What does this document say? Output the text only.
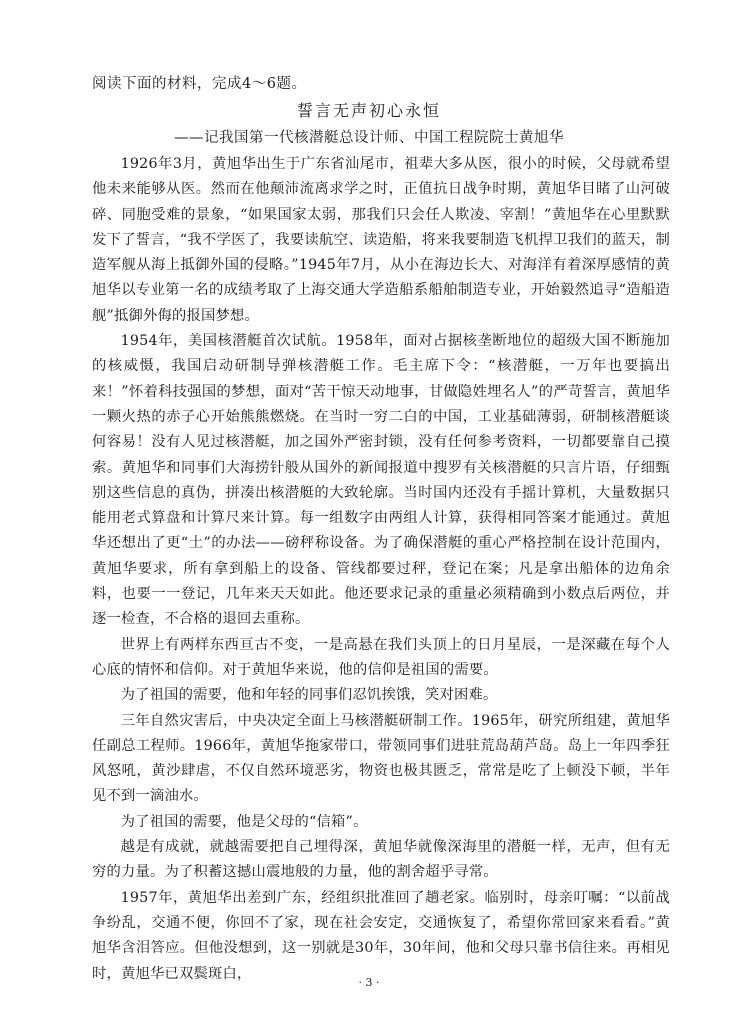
阅读下面的材料，完成4～6题。
誓言无声初心永恒
——记我国第一代核潜艇总设计师、中国工程院院士黄旭华

1926年3月，黄旭华出生于广东省汕尾市，祖辈大多从医，很小的时候，父母就希望他未来能够从医。然而在他颠沛流离求学之时，正值抗日战争时期，黄旭华目睹了山河破碎、同胞受难的景象，“如果国家太弱，那我们只会任人欺凌、宰割！”黄旭华在心里默默发下了誓言，“我不学医了，我要读航空、读造船，将来我要制造飞机捍卫我们的蓝天，制造军舰从海上抵御外国的侵略。”1945年7月，从小在海边长大、对海洋有着深厚感情的黄旭华以专业第一名的成绩考取了上海交通大学造船系船舶制造专业，开始毅然追寻“造船造舰”抵御外侮的报国梦想。

1954年，美国核潜艇首次试航。1958年，面对占据核垄断地位的超级大国不断施加的核威慑，我国启动研制导弹核潜艇工作。毛主席下令：“核潜艇，一万年也要搞出来！”怀着科技强国的梦想，面对“苦干惊天动地事，甘做隐姓埋名人”的严苛誓言，黄旭华一颗火热的赤子心开始熊熊燃烧。在当时一穷二白的中国，工业基础薄弱，研制核潜艇谈何容易！没有人见过核潜艇，加之国外严密封锁，没有任何参考资料，一切都要靠自己摸索。黄旭华和同事们大海捞针般从国外的新闻报道中搜罗有关核潜艇的只言片语，仔细甄别这些信息的真伪，拼凑出核潜艇的大致轮廓。当时国内还没有手摇计算机，大量数据只能用老式算盘和计算尺来计算。每一组数字由两组人计算，获得相同答案才能通过。黄旭华还想出了更“土”的办法——磅秤称设备。为了确保潜艇的重心严格控制在设计范围内，黄旭华要求，所有拿到船上的设备、管线都要过秤，登记在案；凡是拿出船体的边角余料，也要一一登记，几年来天天如此。他还要求记录的重量必须精确到小数点后两位，并逐一检查，不合格的退回去重称。

世界上有两样东西亘古不变，一是高悬在我们头顶上的日月星辰，一是深藏在每个人心底的情怀和信仰。对于黄旭华来说，他的信仰是祖国的需要。

为了祖国的需要，他和年轻的同事们忍饥挨饿，笑对困难。

三年自然灾害后，中央决定全面上马核潜艇研制工作。1965年，研究所组建，黄旭华任副总工程师。1966年，黄旭华拖家带口，带领同事们进驻荒岛葫芦岛。岛上一年四季狂风怒吼，黄沙肆虐，不仅自然环境恶劣，物资也极其匮乏，常常是吃了上顿没下顿，半年见不到一滴油水。

为了祖国的需要，他是父母的“信箱”。

越是有成就，就越需要把自己埋得深，黄旭华就像深海里的潜艇一样，无声，但有无穷的力量。为了积蓄这撼山震地般的力量，他的割舍超乎寻常。

1957年，黄旭华出差到广东，经组织批准回了趟老家。临别时，母亲叮嘱：“以前战争纷乱，交通不便，你回不了家，现在社会安定，交通恢复了，希望你常回家来看看。”黄旭华含泪答应。但他没想到，这一别就是30年，30年间，他和父母只靠书信往来。再相见时，黄旭华已双鬓斑白，

· 3 ·
